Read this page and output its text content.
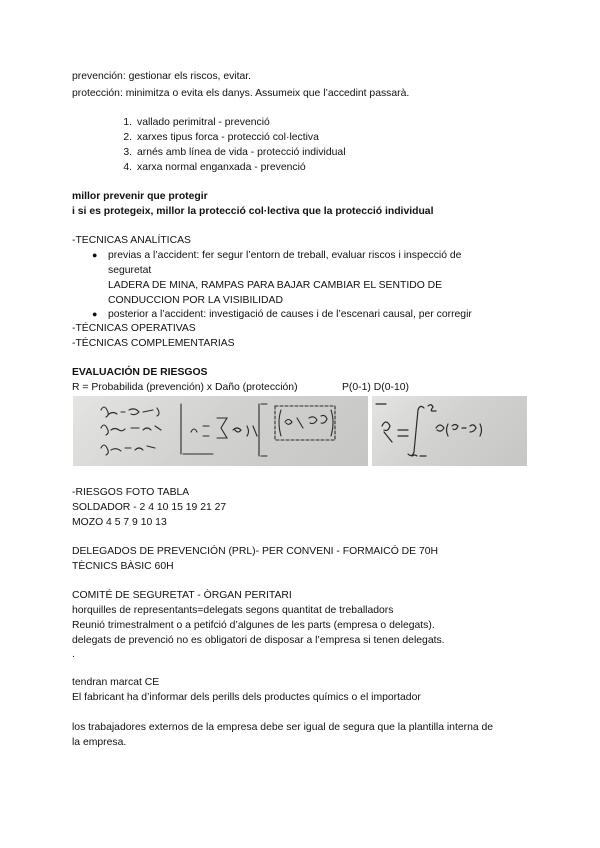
prevención: gestionar els riscos, evitar.
protección: minimitza o evita els danys. Assumeix que l’accedint passarà.
1. vallado perimitral - prevenció
2. xarxes tipus forca - protecció col·lectiva
3. arnés amb línea de vida - protecció individual
4. xarxa normal enganxada - prevenció
millor prevenir que protegir
i si es protegeix, millor la protecció col·lectiva que la protecció individual
-TECNICAS ANALÍTICAS
● previas a l’accident: fer segur l’entorn de treball, evaluar riscos i inspecció de
seguretat
LADERA DE MINA, RAMPAS PARA BAJAR CAMBIAR EL SENTIDO DE
CONDUCCION POR LA VISIBILIDAD
● posterior a l’accident: investigació de causes i de l’escenari causal, per corregir
-TÉCNICAS OPERATIVAS
-TÉCNICAS COMPLEMENTARIAS
EVALUACIÓN DE RIESGOS
R = Probabilida (prevención) x Daño (protección)	P(0-1) D(0-10)
-RIESGOS FOTO TABLA
SOLDADOR - 2 4 10 15 19 21 27
MOZO 4 5 7 9 10 13
DELEGADOS DE PREVENCIÓN (PRL)- PER CONVENI - FORMAICÓ DE 70H
TÈCNICS BÀSIC 60H
COMITÉ DE SEGURETAT - ÒRGAN PERITARI
horquilles de representants=delegats segons quantitat de treballadors
Reunió trimestralment o a petifció d’algunes de les parts (empresa o delegats).
delegats de prevenció no es obligatori de disposar a l’empresa si tenen delegats.
.
tendran marcat CE
El fabricant ha d’informar dels perills dels productes químics o el importador
los trabajadores externos de la empresa debe ser igual de segura que la plantilla interna de
la empresa.
